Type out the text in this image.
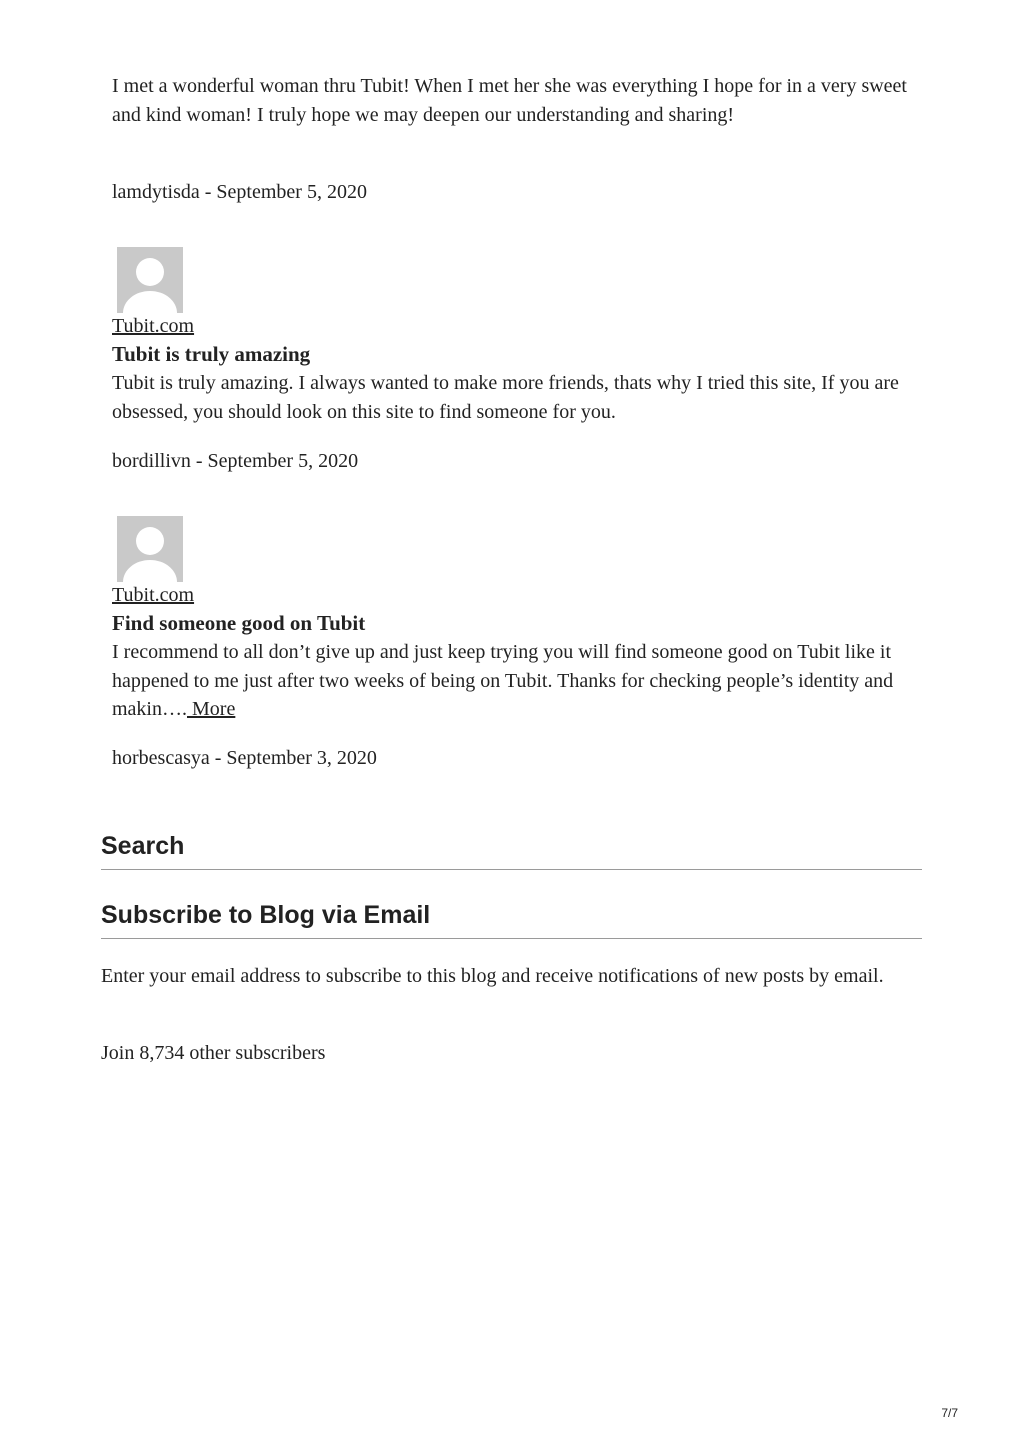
I met a wonderful woman thru Tubit! When I met her she was everything I hope for in a very sweet and kind woman! I truly hope we may deepen our understanding and sharing!

lamdytisda - September 5, 2020

Tubit.com

Tubit is truly amazing

Tubit is truly amazing. I always wanted to make more friends, thats why I tried this site, If you are obsessed, you should look on this site to find someone for you.

bordillivn - September 5, 2020

Tubit.com

Find someone good on Tubit

I recommend to all don’t give up and just keep trying you will find someone good on Tubit like it happened to me just after two weeks of being on Tubit. Thanks for checking people’s identity and makin…. More

horbescasya - September 3, 2020

Search
Subscribe to Blog via Email

Enter your email address to subscribe to this blog and receive notifications of new posts by email.

Join 8,734 other subscribers

7/7
